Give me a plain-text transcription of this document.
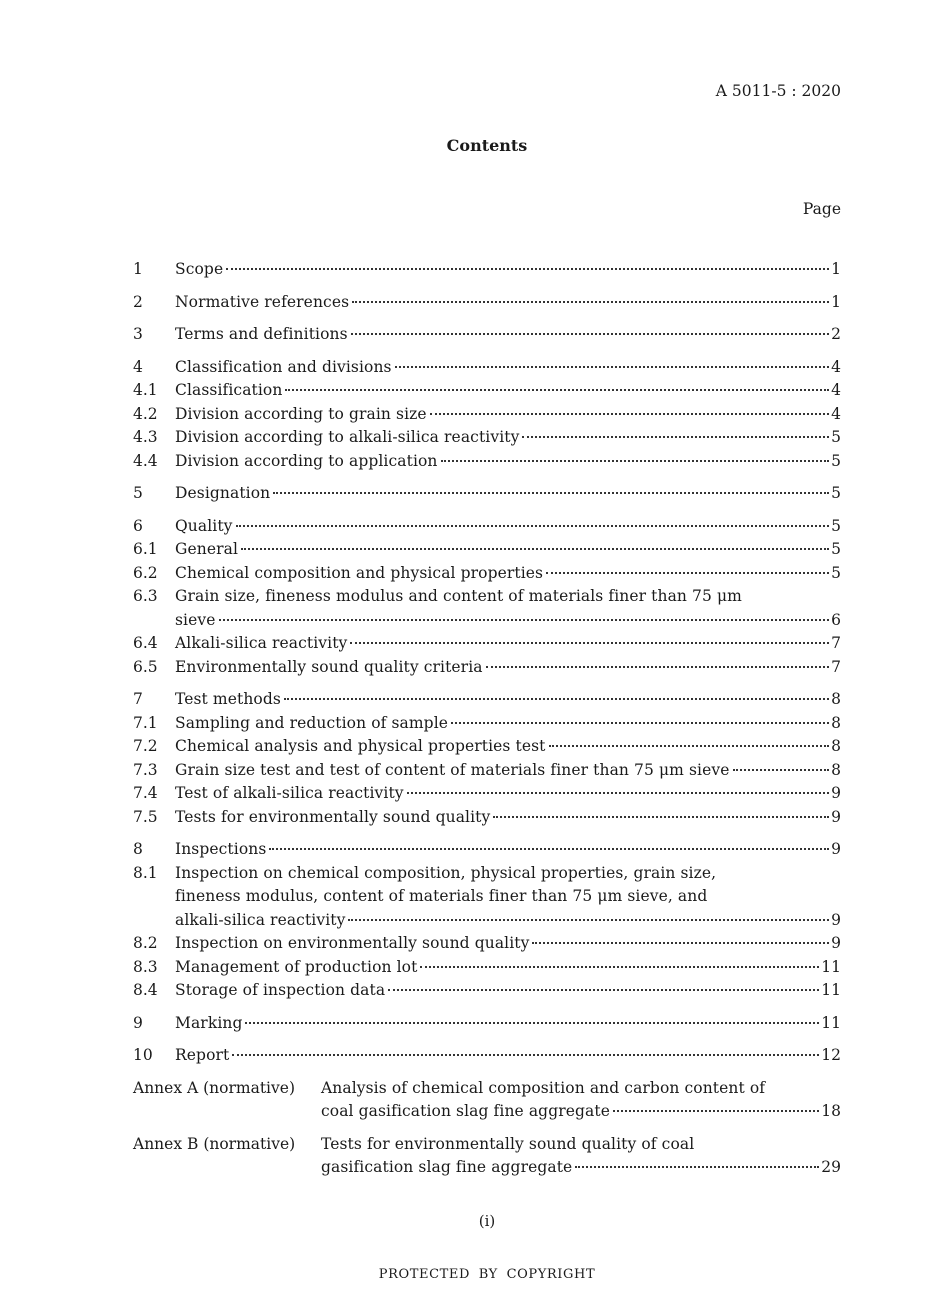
A 5011-5 : 2020
Contents
Page
1	Scope	1
2	Normative references	1
3	Terms and definitions	2
4	Classification and divisions	4
4.1	Classification	4
4.2	Division according to grain size	4
4.3	Division according to alkali-silica reactivity	5
4.4	Division according to application	5
5	Designation	5
6	Quality	5
6.1	General	5
6.2	Chemical composition and physical properties	5
6.3	Grain size, fineness modulus and content of materials finer than 75 μm
sieve	6
6.4	Alkali-silica reactivity	7
6.5	Environmentally sound quality criteria	7
7	Test methods	8
7.1	Sampling and reduction of sample	8
7.2	Chemical analysis and physical properties test	8
7.3	Grain size test and test of content of materials finer than 75 μm sieve	8
7.4	Test of alkali-silica reactivity	9
7.5	Tests for environmentally sound quality	9
8	Inspections	9
8.1	Inspection on chemical composition, physical properties, grain size,
fineness modulus, content of materials finer than 75 μm sieve, and
alkali-silica reactivity	9
8.2	Inspection on environmentally sound quality	9
8.3	Management of production lot	11
8.4	Storage of inspection data	11
9	Marking	11
10	Report	12
Annex A (normative)	Analysis of chemical composition and carbon content of
coal gasification slag fine aggregate	18
Annex B (normative)	Tests for environmentally sound quality of coal
gasification slag fine aggregate	29
(i)
PROTECTED BY COPYRIGHT
